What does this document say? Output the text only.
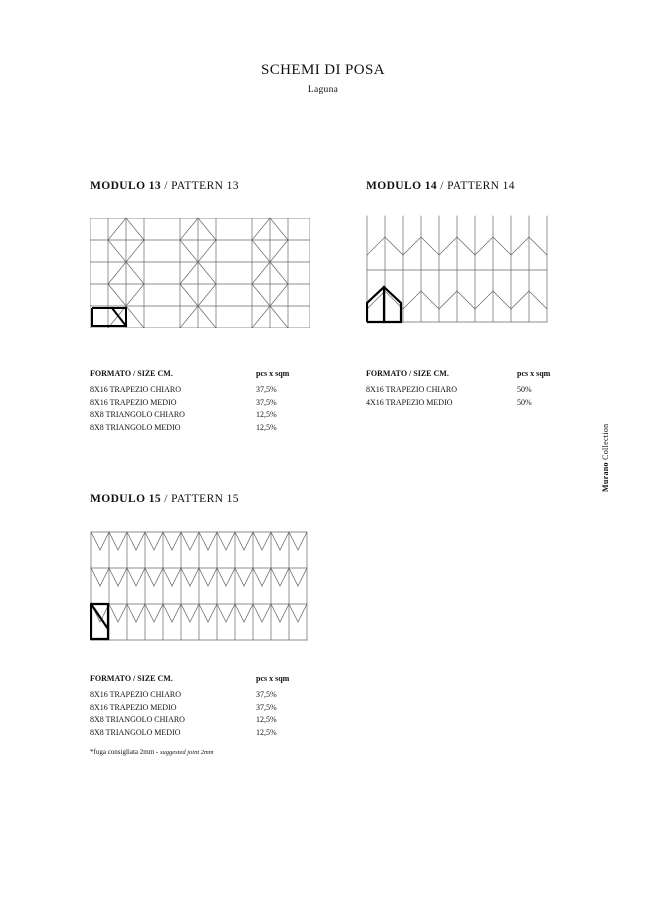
SCHEMI DI POSA
Laguna
MODULO 13 / PATTERN 13
FORMATO / SIZE CM.	pcs x sqm
8X16 TRAPEZIO CHIARO	37,5%
8X16 TRAPEZIO MEDIO	37,5%
8X8 TRIANGOLO CHIARO	12,5%
8X8 TRIANGOLO MEDIO	12,5%
MODULO 14 / PATTERN 14
FORMATO / SIZE CM.	pcs x sqm
8X16 TRAPEZIO CHIARO	50%
4X16 TRAPEZIO MEDIO	50%
MODULO 15 / PATTERN 15
FORMATO / SIZE CM.	pcs x sqm
8X16 TRAPEZIO CHIARO	37,5%
8X16 TRAPEZIO MEDIO	37,5%
8X8 TRIANGOLO CHIARO	12,5%
8X8 TRIANGOLO MEDIO	12,5%
*fuga consigliata 2mm - suggested joint 2mm
Murano Collection
